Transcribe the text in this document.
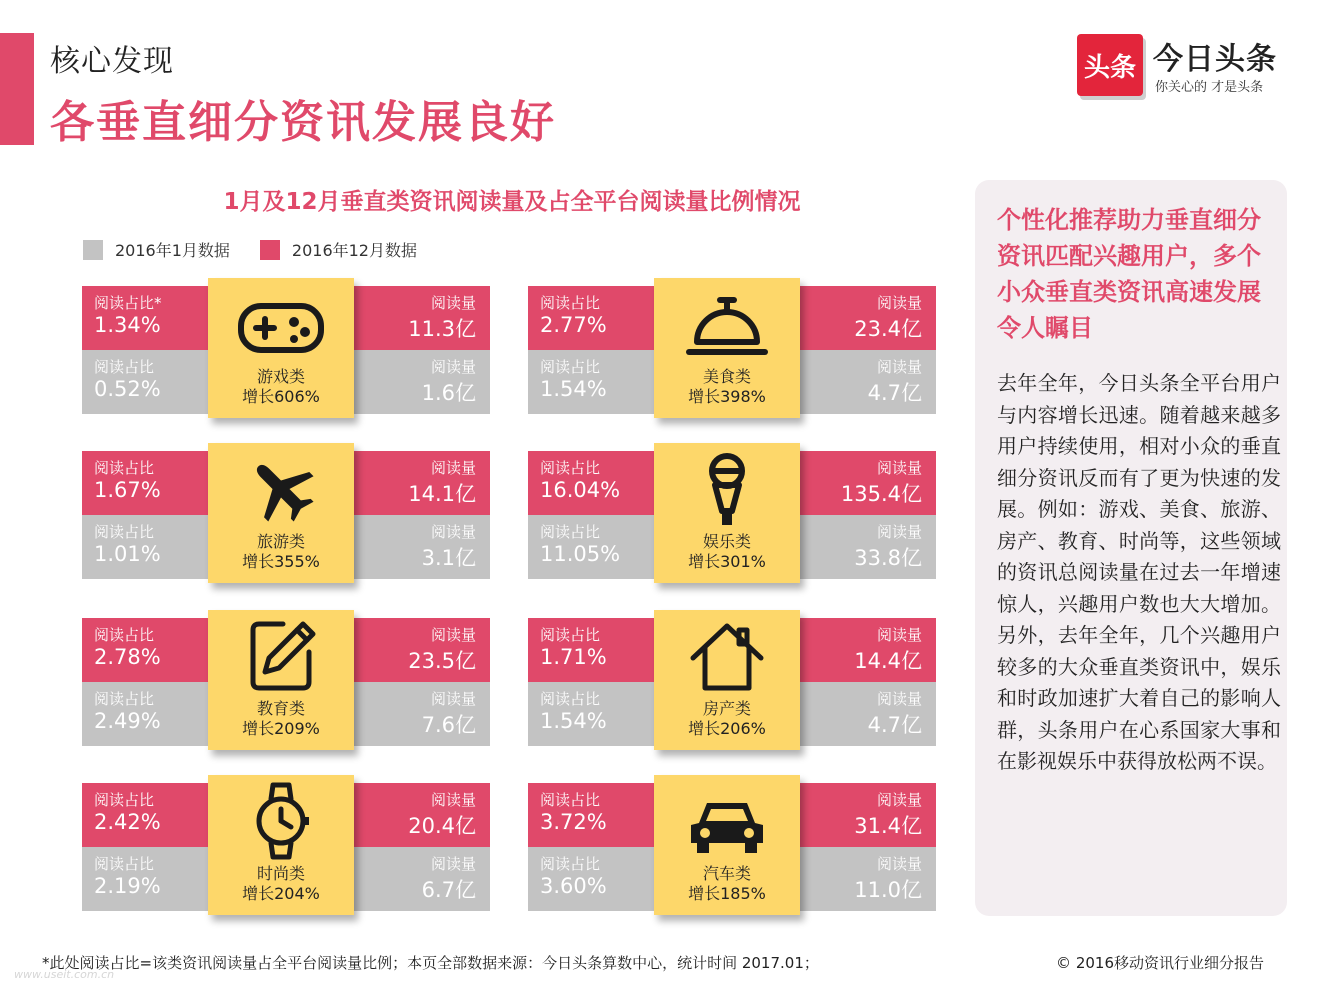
核心发现
各垂直细分资讯发展良好
头条 今日头条
你关心的 才是头条
1月及12月垂直类资讯阅读量及占全平台阅读量比例情况
2016年1月数据	2016年12月数据
阅读占比*
1.34%
阅读量
11.3亿
阅读占比
0.52%
阅读量
1.6亿
游戏类
增长606%
阅读占比
2.77%
阅读量
23.4亿
阅读占比
1.54%
阅读量
4.7亿
美食类
增长398%
阅读占比
1.67%
阅读量
14.1亿
阅读占比
1.01%
阅读量
3.1亿
旅游类
增长355%
阅读占比
16.04%
阅读量
135.4亿
阅读占比
11.05%
阅读量
33.8亿
娱乐类
增长301%
阅读占比
2.78%
阅读量
23.5亿
阅读占比
2.49%
阅读量
7.6亿
教育类
增长209%
阅读占比
1.71%
阅读量
14.4亿
阅读占比
1.54%
阅读量
4.7亿
房产类
增长206%
阅读占比
2.42%
阅读量
20.4亿
阅读占比
2.19%
阅读量
6.7亿
时尚类
增长204%
阅读占比
3.72%
阅读量
31.4亿
阅读占比
3.60%
阅读量
11.0亿
汽车类
增长185%
个性化推荐助力垂直细分资讯匹配兴趣用户，多个小众垂直类资讯高速发展令人瞩目
去年全年，今日头条全平台用户与内容增长迅速。随着越来越多用户持续使用，相对小众的垂直细分资讯反而有了更为快速的发展。例如：游戏、美食、旅游、房产、教育、时尚等，这些领域的资讯总阅读量在过去一年增速惊人，兴趣用户数也大大增加。另外，去年全年，几个兴趣用户较多的大众垂直类资讯中，娱乐和时政加速扩大着自己的影响人群，头条用户在心系国家大事和在影视娱乐中获得放松两不误。
*此处阅读占比=该类资讯阅读量占全平台阅读量比例；本页全部数据来源：今日头条算数中心，统计时间 2017.01；	© 2016移动资讯行业细分报告
www.useit.com.cn
